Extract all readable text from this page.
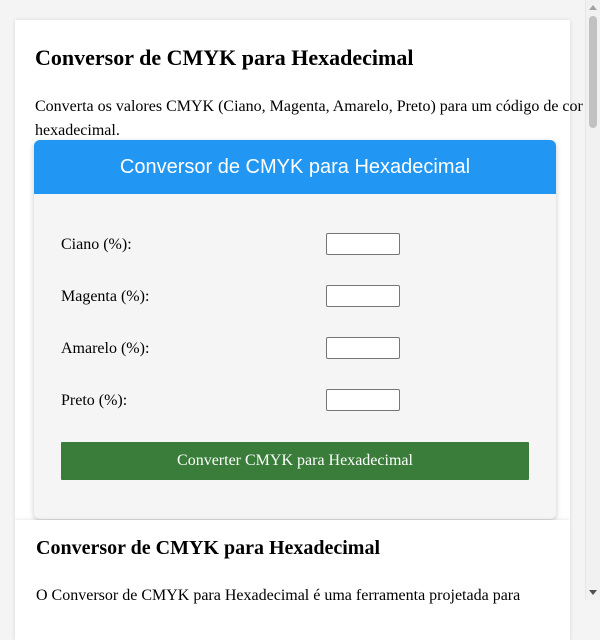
Conversor de CMYK para Hexadecimal

Converta os valores CMYK (Ciano, Magenta, Amarelo, Preto) para um código de cor hexadecimal.

Conversor de CMYK para Hexadecimal
Ciano (%):
Magenta (%):
Amarelo (%):
Preto (%):
Converter CMYK para Hexadecimal
Conversor de CMYK para Hexadecimal

O Conversor de CMYK para Hexadecimal é uma ferramenta projetada para
